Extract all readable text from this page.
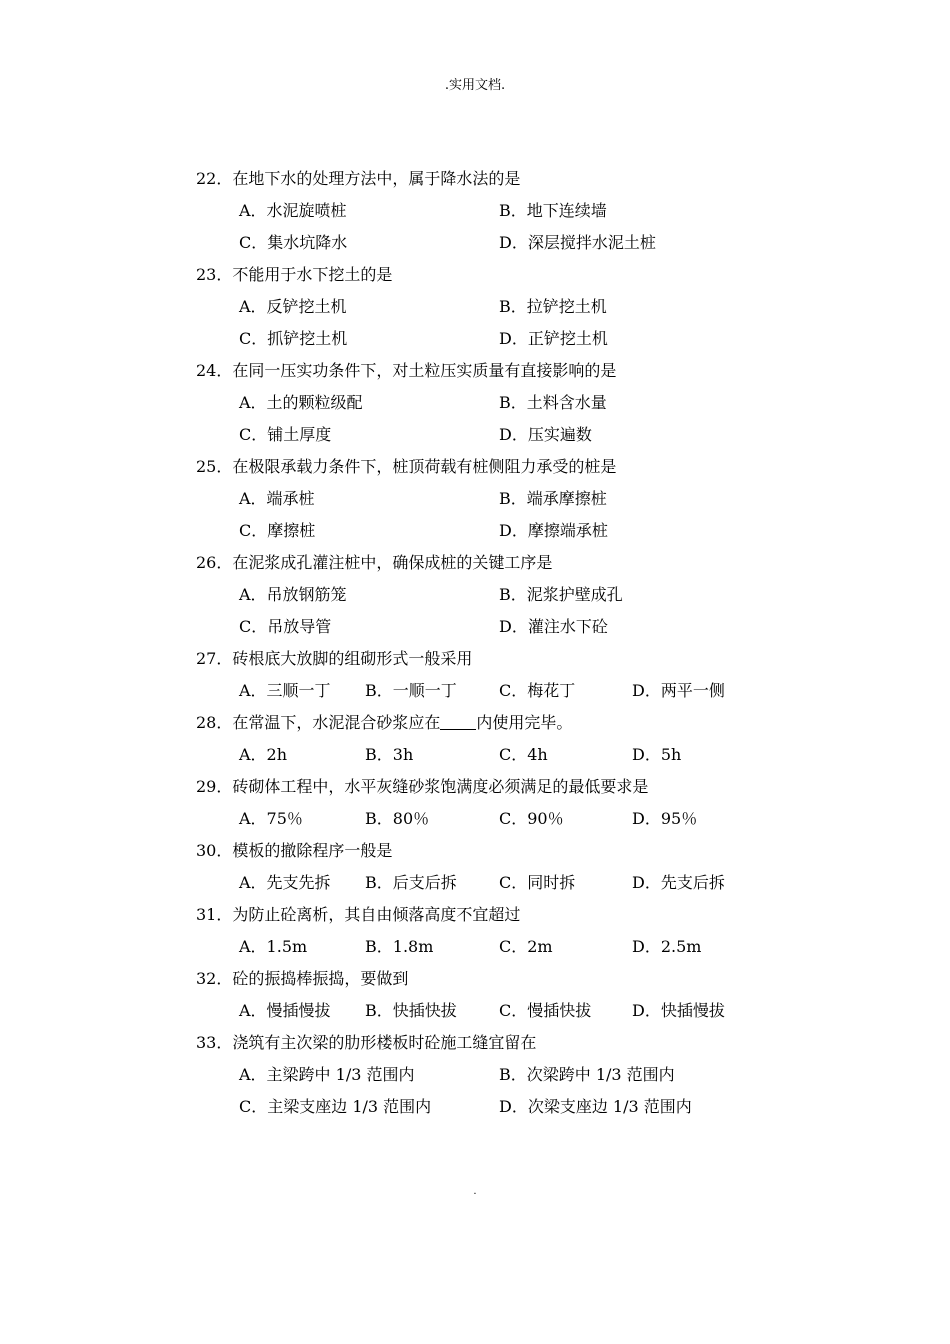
.实用文档.
22．在地下水的处理方法中，属于降水法的是
A．水泥旋喷桩	B．地下连续墙
C．集水坑降水	D．深层搅拌水泥土桩
23．不能用于水下挖土的是
A．反铲挖土机	B．拉铲挖土机
C．抓铲挖土机	D．正铲挖土机
24．在同一压实功条件下，对土粒压实质量有直接影响的是
A．土的颗粒级配	B．土料含水量
C．铺土厚度	D．压实遍数
25．在极限承载力条件下，桩顶荷载有桩侧阻力承受的桩是
A．端承桩	B．端承摩擦桩
C．摩擦桩	D．摩擦端承桩
26．在泥浆成孔灌注桩中，确保成桩的关键工序是
A．吊放钢筋笼	B．泥浆护壁成孔
C．吊放导管	D．灌注水下砼
27．砖根底大放脚的组砌形式一般采用
A．三顺一丁 B．一顺一丁	C．梅花丁	D．两平一侧
28．在常温下，水泥混合砂浆应在 内使用完毕。
A．2h	B．3h	C．4h	D．5h
29．砖砌体工程中，水平灰缝砂浆饱满度必须满足的最低要求是
A．75％	B．80％	C．90％	D．95％
30．模板的撤除程序一般是
A．先支先拆 B．后支后拆	C．同时拆	D．先支后拆
31．为防止砼离析，其自由倾落高度不宜超过
A．1.5m	B．1.8m	C．2m	D．2.5m
32．砼的振捣棒振捣，要做到
A．慢插慢拔 B．快插快拔	C．慢插快拔	D．快插慢拔
33．浇筑有主次梁的肋形楼板时砼施工缝宜留在
A．主梁跨中 1/3 范围内	B．次梁跨中 1/3 范围内
C．主梁支座边 1/3 范围内	D．次梁支座边 1/3 范围内
.
